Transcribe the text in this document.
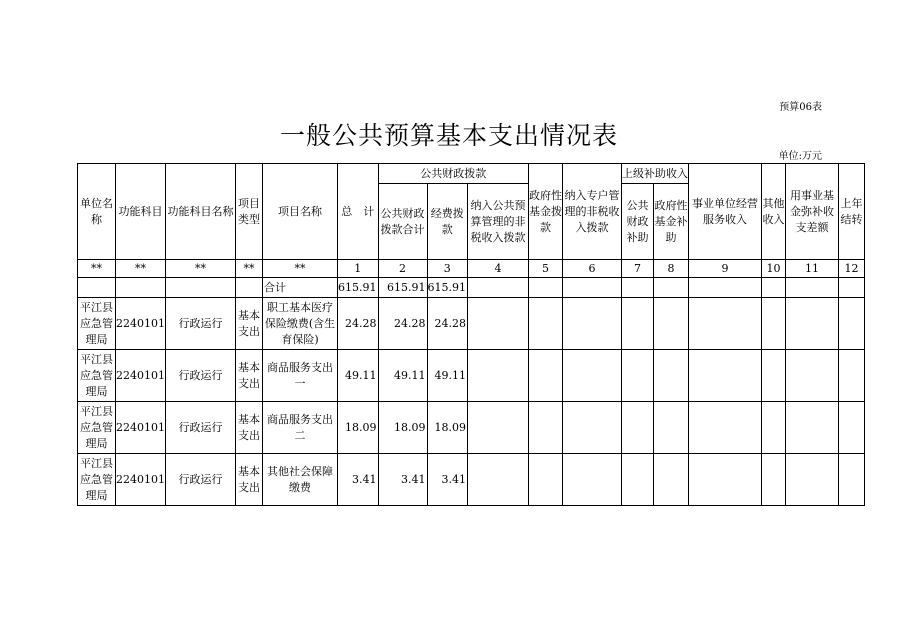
预算06表
一般公共预算基本支出情况表
单位:万元
单位名称	功能科目	功能科目名称	项目类型	项目名称	总　计	公共财政拨款			政府性基金拨款	纳入专户管理的非税收入拨款	上级补助收入		事业单位经营服务收入	其他收入	用事业基金弥补收支差额	上年结转
						公共财政拨款合计	经费拨款	纳入公共预算管理的非税收入拨款			公共财政补助	政府性基金补助				
**	**	**	**	**	1	2	3	4	5	6	7	8	9	10	11	12
				合计	615.91	615.91	615.91									
平江县应急管理局	2240101	行政运行	基本支出	职工基本医疗保险缴费(含生育保险)	24.28	24.28	24.28									
平江县应急管理局	2240101	行政运行	基本支出	商品服务支出一	49.11	49.11	49.11									
平江县应急管理局	2240101	行政运行	基本支出	商品服务支出二	18.09	18.09	18.09									
平江县应急管理局	2240101	行政运行	基本支出	其他社会保障缴费	3.41	3.41	3.41									
